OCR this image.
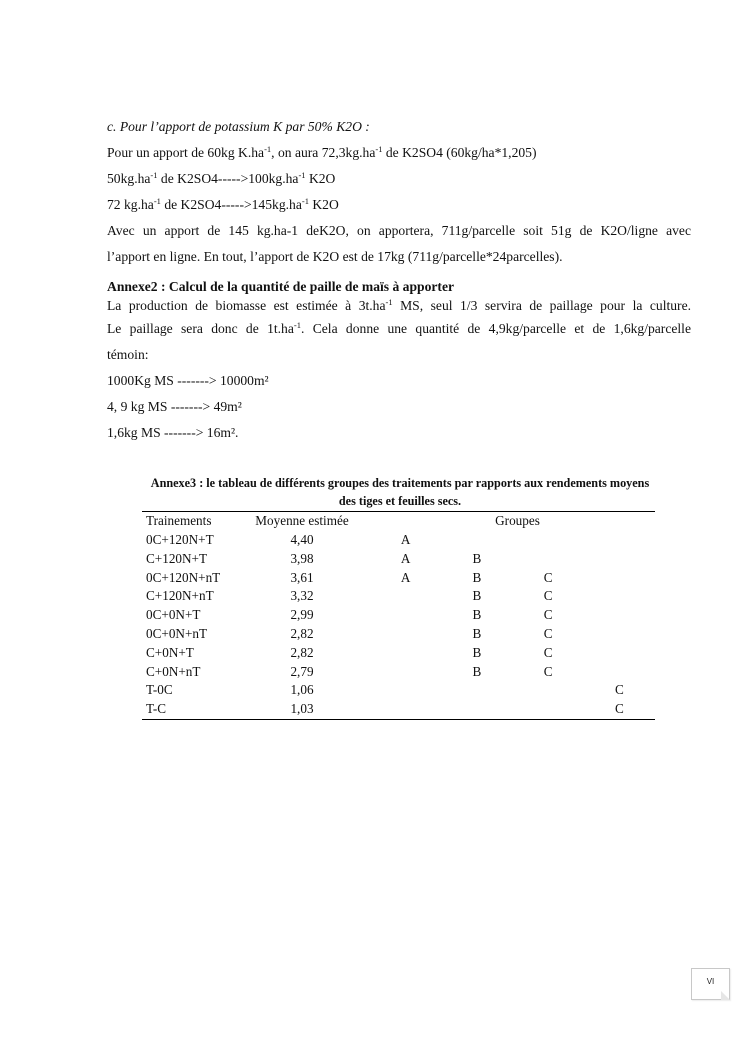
c. Pour l’apport de potassium K par 50% K2O :
Pour un apport de 60kg $K.ha^{-1}$, on aura $72,3kg.ha^{-1}$ de K2SO4 (60kg/ha*1,205)
$50kg.ha^{-1}$ de $K2SO4----->100kg.ha^{-1}$ K2O
72 $kg.ha^{-1}$ de $K2SO4----->145kg.ha^{-1}$ K2O
Avec un apport de 145 kg.ha-1 deK2O, on apportera, 711g/parcelle soit 51g de K2O/ligne avec
l’apport en ligne. En tout, l’apport de K2O est de 17kg (711g/parcelle*24parcelles).
Annexe2 : Calcul de la quantité de paille de maïs à apporter
La production de biomasse est estimée à $3t.ha^{-1}$ MS, seul 1/3 servira de paillage pour la culture.
Le paillage sera donc de $1t.ha^{-1}$. Cela donne une quantité de 4,9kg/parcelle et de 1,6kg/parcelle
témoin:
1000Kg MS -------> 10000m²
4, 9 kg MS -------> 49m²
1,6kg MS -------> 16m².
Annexe3 : le tableau de différents groupes des traitements par rapports aux rendements moyens
des tiges et feuilles secs.
Trainements	Moyenne estimée	Groupes			
0C+120N+T	4,40	A			
C+120N+T	3,98	A	B		
0C+120N+nT	3,61	A	B	C	
C+120N+nT	3,32		B	C	
0C+0N+T	2,99		B	C	
0C+0N+nT	2,82		B	C	
C+0N+T	2,82		B	C	
C+0N+nT	2,79		B	C	
T-0C	1,06				C
T-C	1,03				C
VI
